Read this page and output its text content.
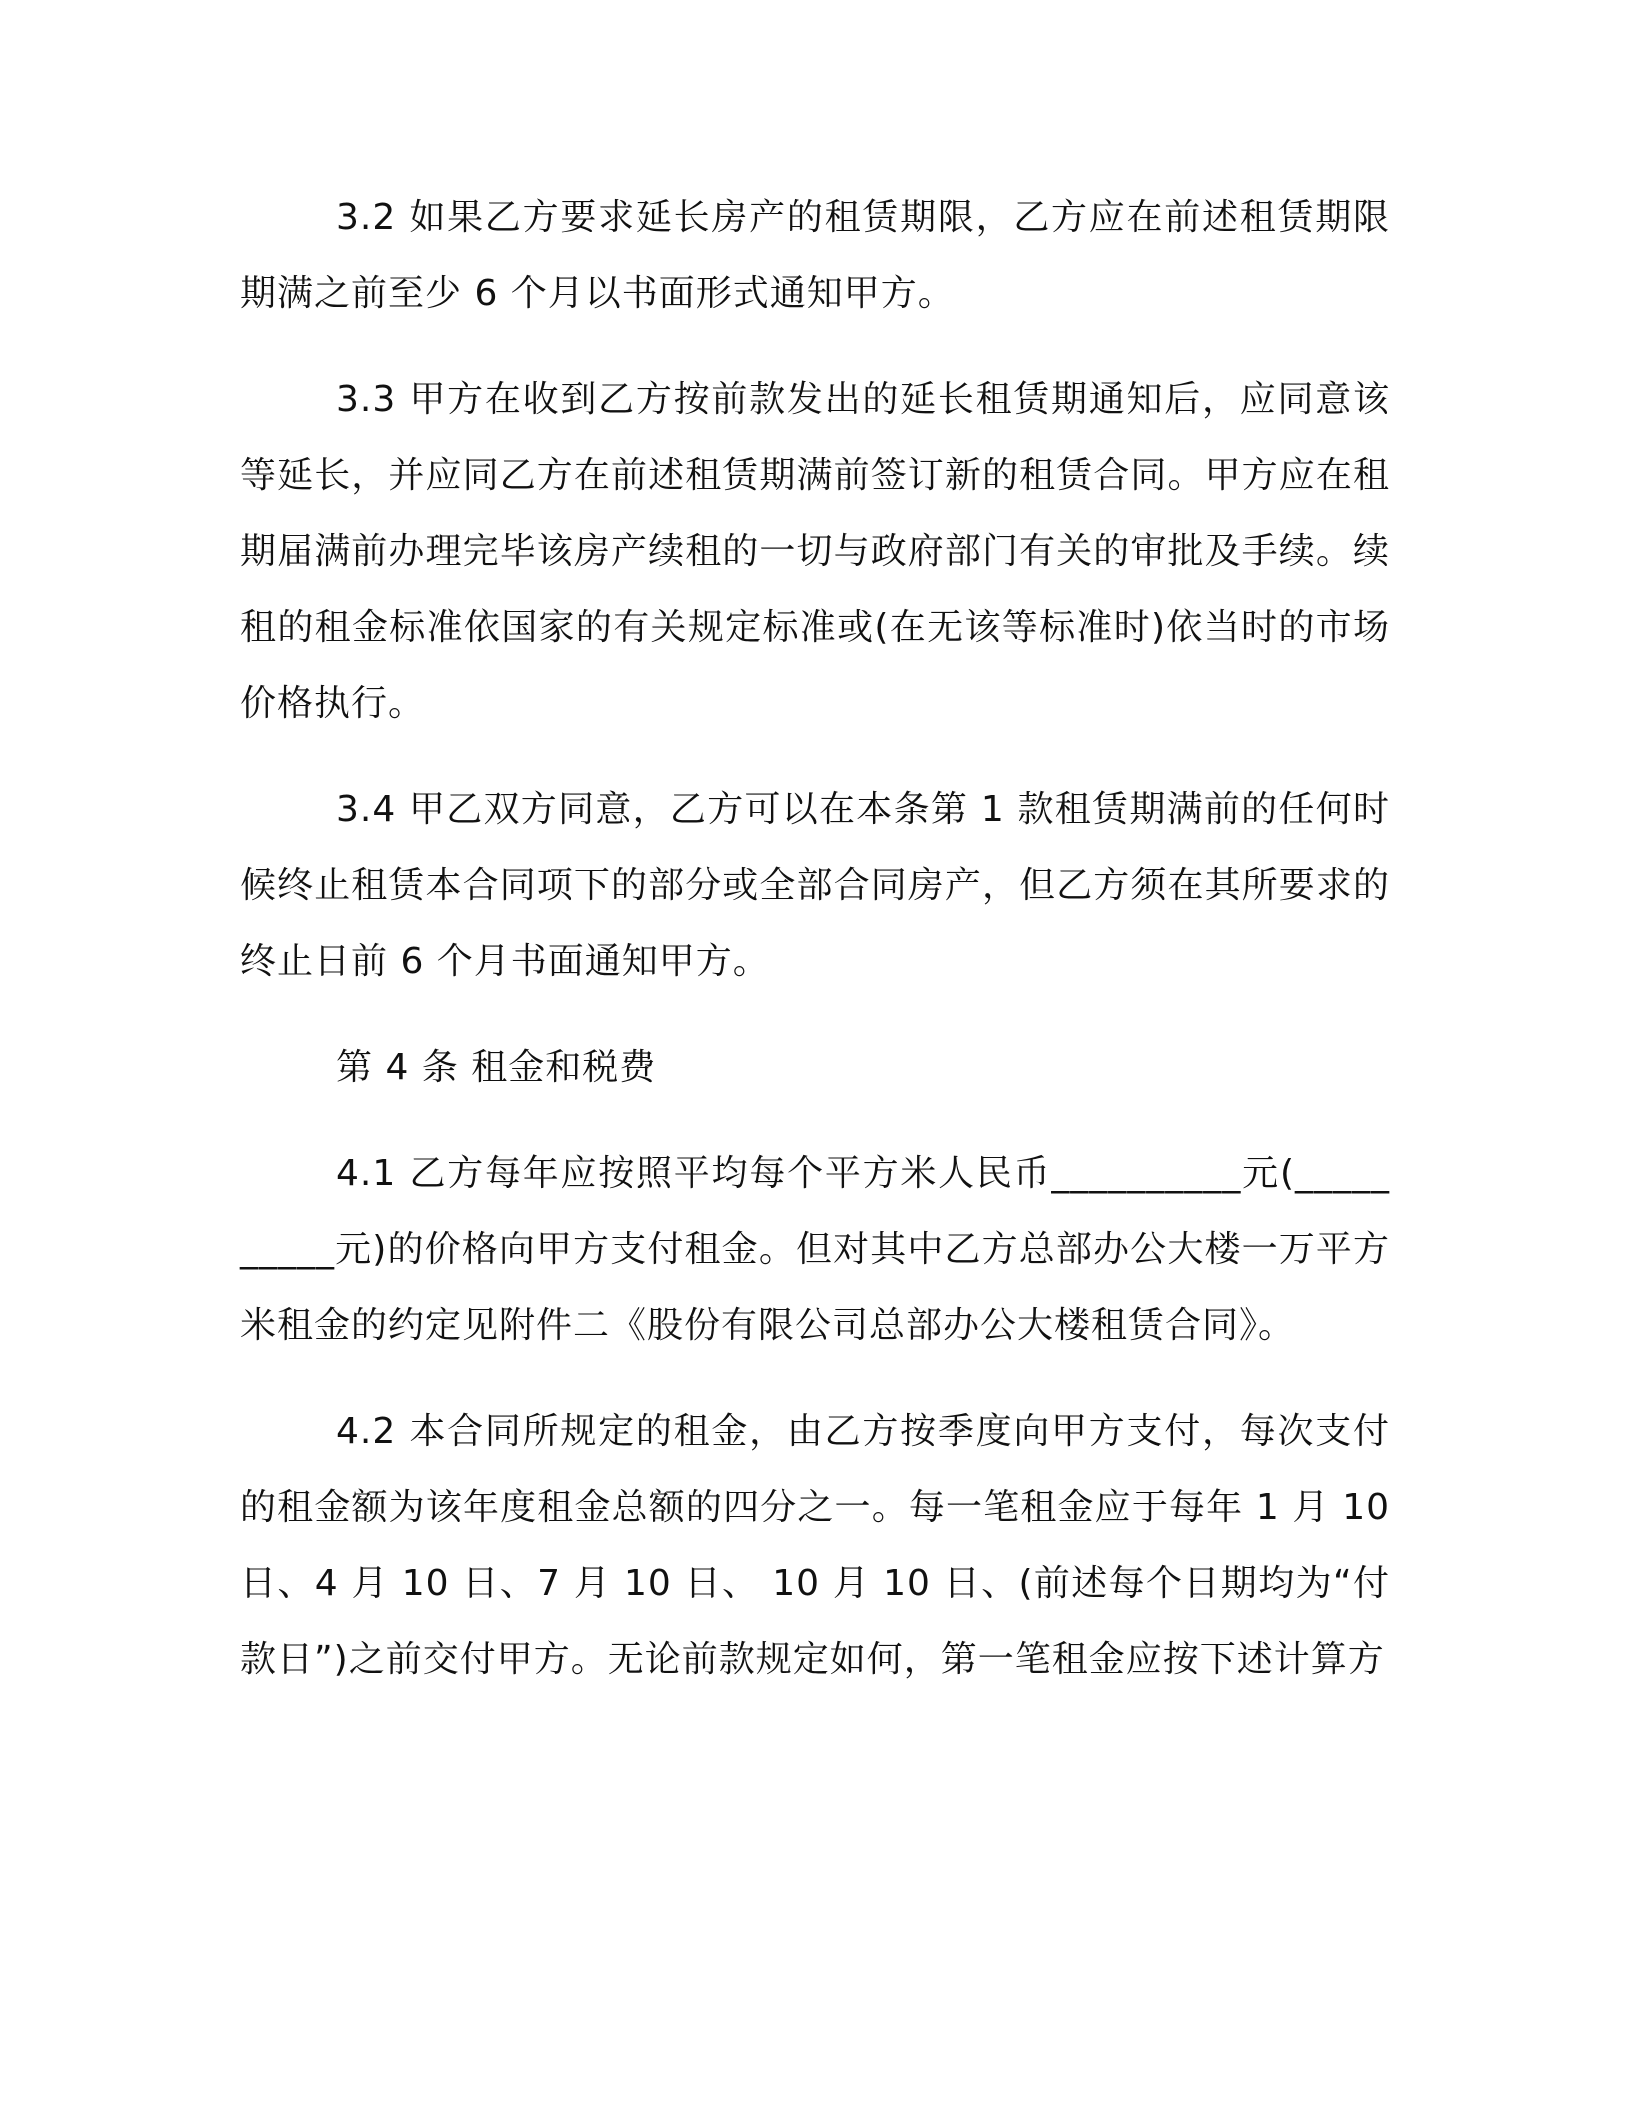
3.2 如果乙方要求延长房产的租赁期限，乙方应在前述租赁期限期满之前至少 6 个月以书面形式通知甲方。

3.3 甲方在收到乙方按前款发出的延长租赁期通知后，应同意该等延长，并应同乙方在前述租赁期满前签订新的租赁合同。甲方应在租期届满前办理完毕该房产续租的一切与政府部门有关的审批及手续。续租的租金标准依国家的有关规定标准或(在无该等标准时)依当时的市场价格执行。

3.4 甲乙双方同意，乙方可以在本条第 1 款租赁期满前的任何时候终止租赁本合同项下的部分或全部合同房产，但乙方须在其所要求的终止日前 6 个月书面通知甲方。

第 4 条 租金和税费

4.1 乙方每年应按照平均每个平方米人民币__________元(__________元)的价格向甲方支付租金。但对其中乙方总部办公大楼一万平方米租金的约定见附件二《股份有限公司总部办公大楼租赁合同》。

4.2 本合同所规定的租金，由乙方按季度向甲方支付，每次支付的租金额为该年度租金总额的四分之一。每一笔租金应于每年 1 月 10 日、4 月 10 日、7 月 10 日、 10 月 10 日、(前述每个日期均为“付款日”)之前交付甲方。无论前款规定如何，第一笔租金应按下述计算方
